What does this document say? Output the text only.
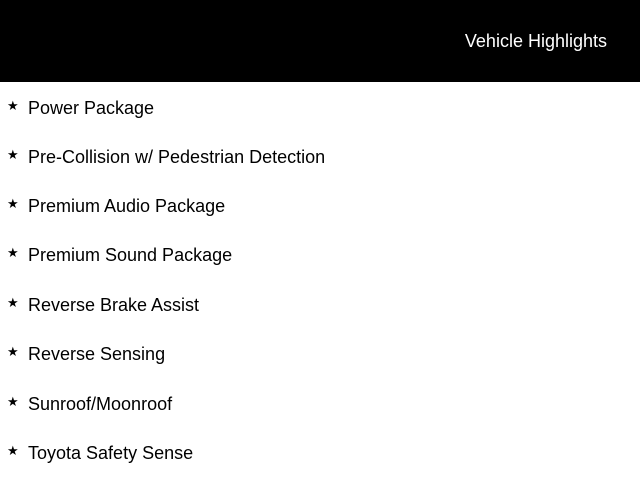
Vehicle Highlights
★ Power Package
★ Pre-Collision w/ Pedestrian Detection
★ Premium Audio Package
★ Premium Sound Package
★ Reverse Brake Assist
★ Reverse Sensing
★ Sunroof/Moonroof
★ Toyota Safety Sense
